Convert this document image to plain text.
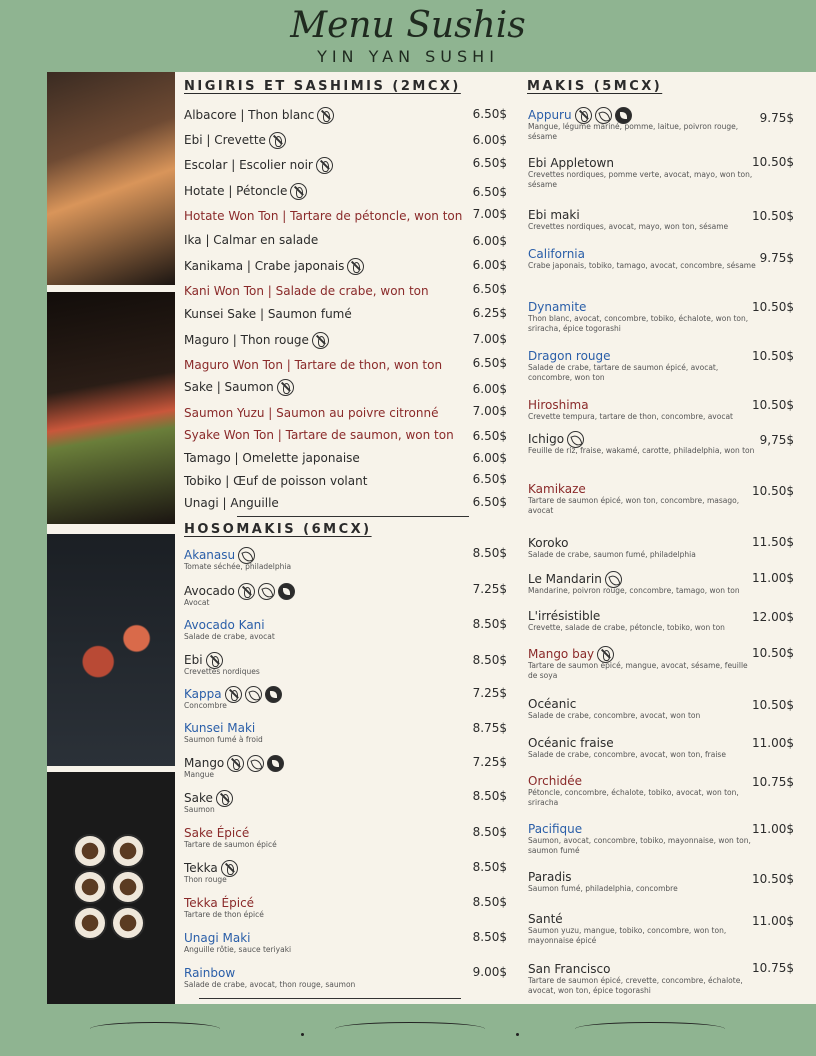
Menu Sushis
YIN YAN SUSHI
NIGIRIS ET SASHIMIS (2MCX)
Albacore | Thon blanc	6.50$
Ebi | Crevette	6.00$
Escolar | Escolier noir	6.50$
Hotate | Pétoncle	6.50$
Hotate Won Ton | Tartare de pétoncle, won ton 7.00$
Ika | Calmar en salade	6.00$
Kanikama | Crabe japonais	6.00$
Kani Won Ton | Salade de crabe, won ton	6.50$
Kunsei Sake | Saumon fumé	6.25$
Maguro | Thon rouge	7.00$
Maguro Won Ton | Tartare de thon, won ton	6.50$
Sake | Saumon	6.00$
Saumon Yuzu | Saumon au poivre citronné	7.00$
Syake Won Ton | Tartare de saumon, won ton 6.50$
Tamago | Omelette japonaise	6.00$
Tobiko | Œuf de poisson volant	6.50$
Unagi | Anguille	6.50$
HOSOMAKIS (6MCX)
Akanasu
Tomate séchée, philadelphia
8.50$
Avocado
Avocat
7.25$
Avocado Kani
Salade de crabe, avocat
8.50$
Ebi
Crevettes nordiques
8.50$
Kappa
Concombre
7.25$
Kunsei Maki
Saumon fumé à froid
8.75$
Mango
Mangue
7.25$
Sake
Saumon
8.50$
Sake Épicé
Tartare de saumon épicé
8.50$
Tekka
Thon rouge
8.50$
Tekka Épicé
Tartare de thon épicé
8.50$
Unagi Maki
Anguille rôtie, sauce teriyaki
8.50$
Rainbow
Salade de crabe, avocat, thon rouge, saumon
9.00$
MAKIS (5MCX)
Appuru
Mangue, légume mariné, pomme, laitue, poivron rouge, sésame
9.75$
Ebi Appletown
Crevettes nordiques, pomme verte, avocat, mayo, won ton, sésame
10.50$
Ebi maki
Crevettes nordiques, avocat, mayo, won ton, sésame
10.50$
California
Crabe japonais, tobiko, tamago, avocat, concombre, sésame
9.75$
Dynamite
Thon blanc, avocat, concombre, tobiko, échalote, won ton, sriracha, épice togorashi
10.50$
Dragon rouge
Salade de crabe, tartare de saumon épicé, avocat, concombre, won ton
10.50$
Hiroshima
Crevette tempura, tartare de thon, concombre, avocat
10.50$
Ichigo
Feuille de riz, fraise, wakamé, carotte, philadelphia, won ton
9,75$
Kamikaze
Tartare de saumon épicé, won ton, concombre, masago, avocat
10.50$
Koroko
Salade de crabe, saumon fumé, philadelphia
11.50$
Le Mandarin
Mandarine, poivron rouge, concombre, tamago, won ton
11.00$
L'irrésistible
Crevette, salade de crabe, pétoncle, tobiko, won ton
12.00$
Mango bay
Tartare de saumon épicé, mangue, avocat, sésame, feuille de soya
10.50$
Océanic
Salade de crabe, concombre, avocat, won ton
10.50$
Océanic fraise
Salade de crabe, concombre, avocat, won ton, fraise
11.00$
Orchidée
Pétoncle, concombre, échalote, tobiko, avocat, won ton, sriracha
10.75$
Pacifique
Saumon, avocat, concombre, tobiko, mayonnaise, won ton, saumon fumé
11.00$
Paradis
Saumon fumé, philadelphia, concombre
10.50$
Santé
Saumon yuzu, mangue, tobiko, concombre, won ton, mayonnaise épicé
11.00$
San Francisco
Tartare de saumon épicé, crevette, concombre, échalote, avocat, won ton, épice togorashi
10.75$
